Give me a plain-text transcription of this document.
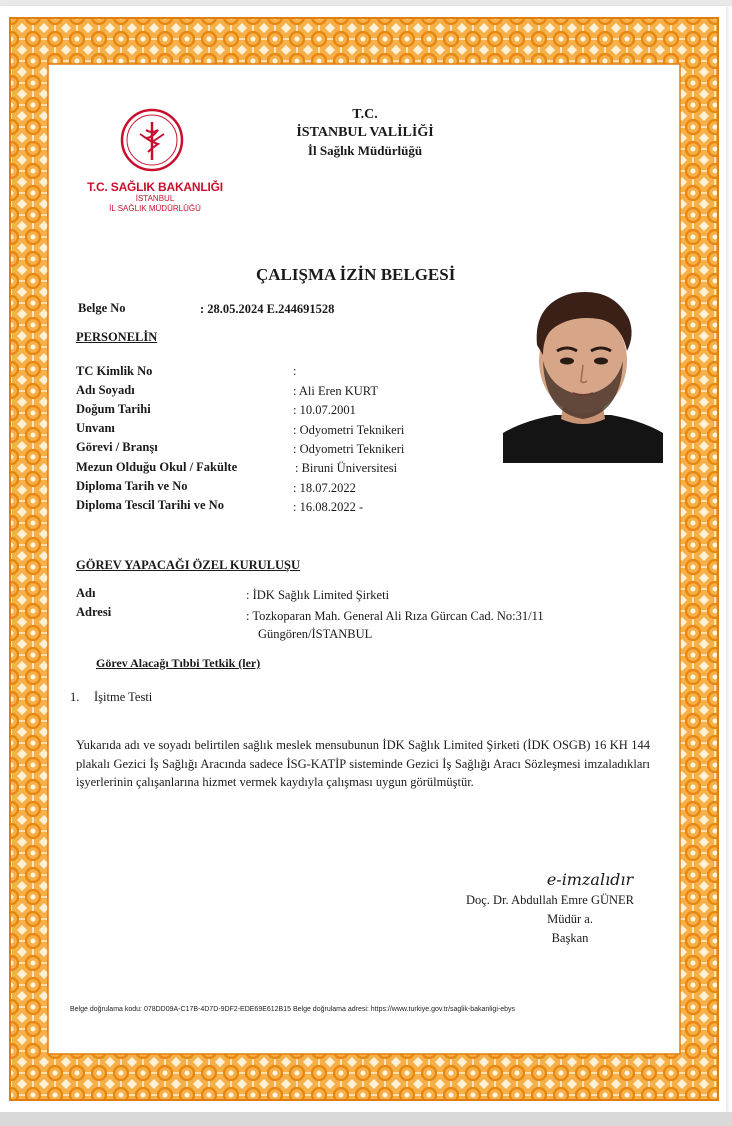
T.C. SAĞLIK BAKANLIĞI
İSTANBUL
İL SAĞLIK MÜDÜRLÜĞÜ
T.C.
İSTANBUL VALİLİĞİ
İl Sağlık Müdürlüğü
ÇALIŞMA İZİN BELGESİ
Belge No	: 28.05.2024 E.244691528
PERSONELİN
TC Kimlik No	:
Adı Soyadı	: Ali Eren KURT
Doğum Tarihi	: 10.07.2001
Unvanı	: Odyometri Teknikeri
Görevi / Branşı	: Odyometri Teknikeri
Mezun Olduğu Okul / Fakülte	: Biruni Üniversitesi
Diploma Tarih ve No	: 18.07.2022
Diploma Tescil Tarihi ve No	: 16.08.2022 -
GÖREV YAPACAĞI ÖZEL KURULUŞU
Adı	: İDK Sağlık Limited Şirketi
Adresi	: Tozkoparan Mah. General Ali Rıza Gürcan Cad. No:31/11
Güngören/İSTANBUL
Görev Alacağı Tıbbi Tetkik (ler)
1. İşitme Testi
Yukarıda adı ve soyadı belirtilen sağlık meslek mensubunun İDK Sağlık Limited Şirketi (İDK OSGB) 16 KH 144 plakalı Gezici İş Sağlığı Aracında sadece İSG-KATİP sisteminde Gezici İş Sağlığı Aracı Sözleşmesi imzaladıkları işyerlerinin çalışanlarına hizmet vermek kaydıyla çalışması uygun görülmüştür.
e-imzalıdır
Doç. Dr. Abdullah Emre GÜNER
Müdür a.
Başkan
Belge doğrulama kodu: 078DD09A-C17B-4D7D-9DF2-EDE69E612B15 Belge doğrulama adresi: https://www.turkiye.gov.tr/saglik-bakanligi-ebys
